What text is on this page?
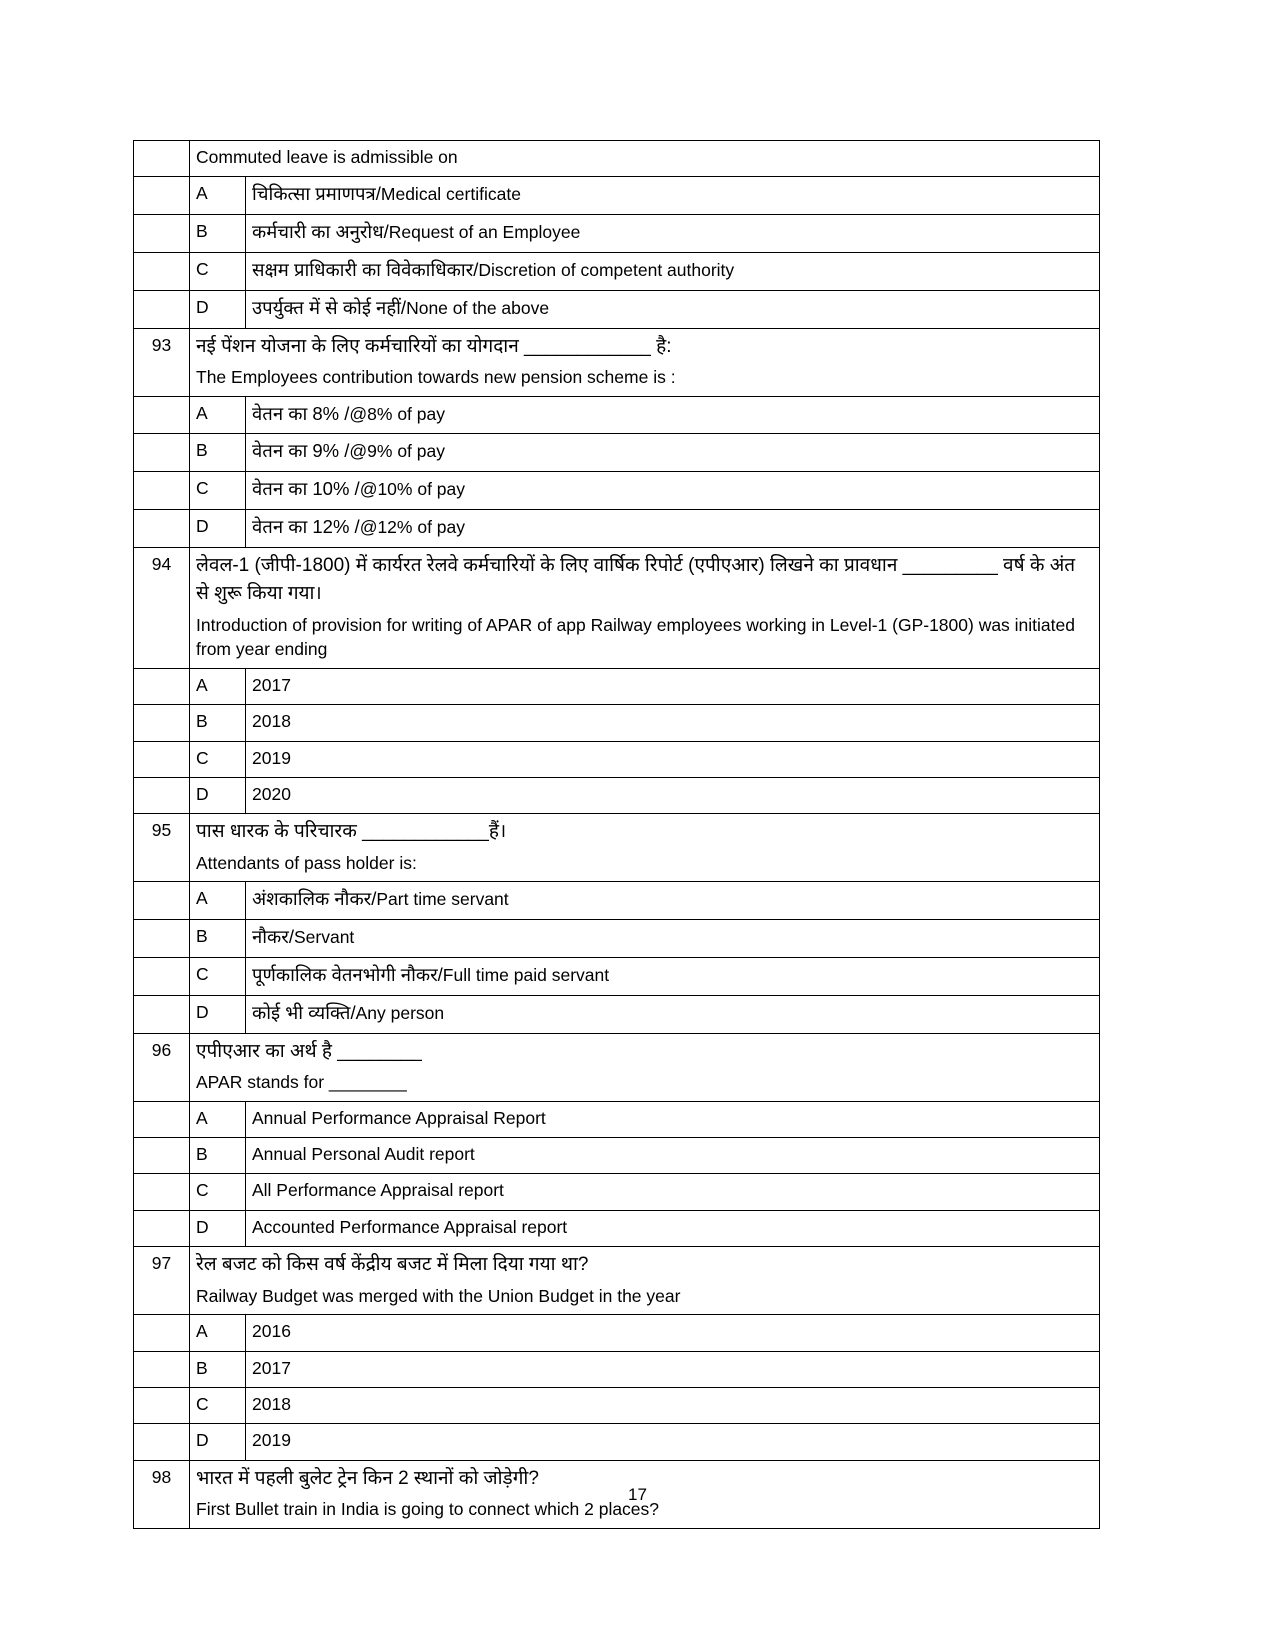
	Commuted leave is admissible on	
	A	चिकित्सा प्रमाणपत्र/Medical certificate
	B	कर्मचारी का अनुरोध/Request of an Employee
	C	सक्षम प्राधिकारी का विवेकाधिकार/Discretion of competent authority
	D	उपर्युक्त में से कोई नहीं/None of the above
93	नई पेंशन योजना के लिए कर्मचारियों का योगदान ____________ है:
The Employees contribution towards new pension scheme is :	

	A	वेतन का 8% /@8% of pay
	B	वेतन का 9% /@9% of pay
	C	वेतन का 10% /@10% of pay
	D	वेतन का 12% /@12% of pay
94	लेवल-1 (जीपी-1800) में कार्यरत रेलवे कर्मचारियों के लिए वार्षिक रिपोर्ट (एपीएआर) लिखने का प्रावधान _________ वर्ष के अंत से शुरू किया गया।
Introduction of provision for writing of APAR of app Railway employees working in Level-1 (GP-1800) was initiated from year ending	

	A	2017
	B	2018
	C	2019
	D	2020
95	पास धारक के परिचारक ____________हैं।
Attendants of pass holder is:	

	A	अंशकालिक नौकर/Part time servant
	B	नौकर/Servant
	C	पूर्णकालिक वेतनभोगी नौकर/Full time paid servant
	D	कोई भी व्यक्ति/Any person
96	एपीएआर का अर्थ है ________
APAR stands for ________	

	A	Annual Performance Appraisal Report
	B	Annual Personal Audit report
	C	All Performance Appraisal report
	D	Accounted Performance Appraisal report
97	रेल बजट को किस वर्ष केंद्रीय बजट में मिला दिया गया था?
Railway Budget was merged with the Union Budget in the year	

	A	2016
	B	2017
	C	2018
	D	2019
98	भारत में पहली बुलेट ट्रेन किन 2 स्थानों को जोड़ेगी?
First Bullet train in India is going to connect which 2 places?	
17
